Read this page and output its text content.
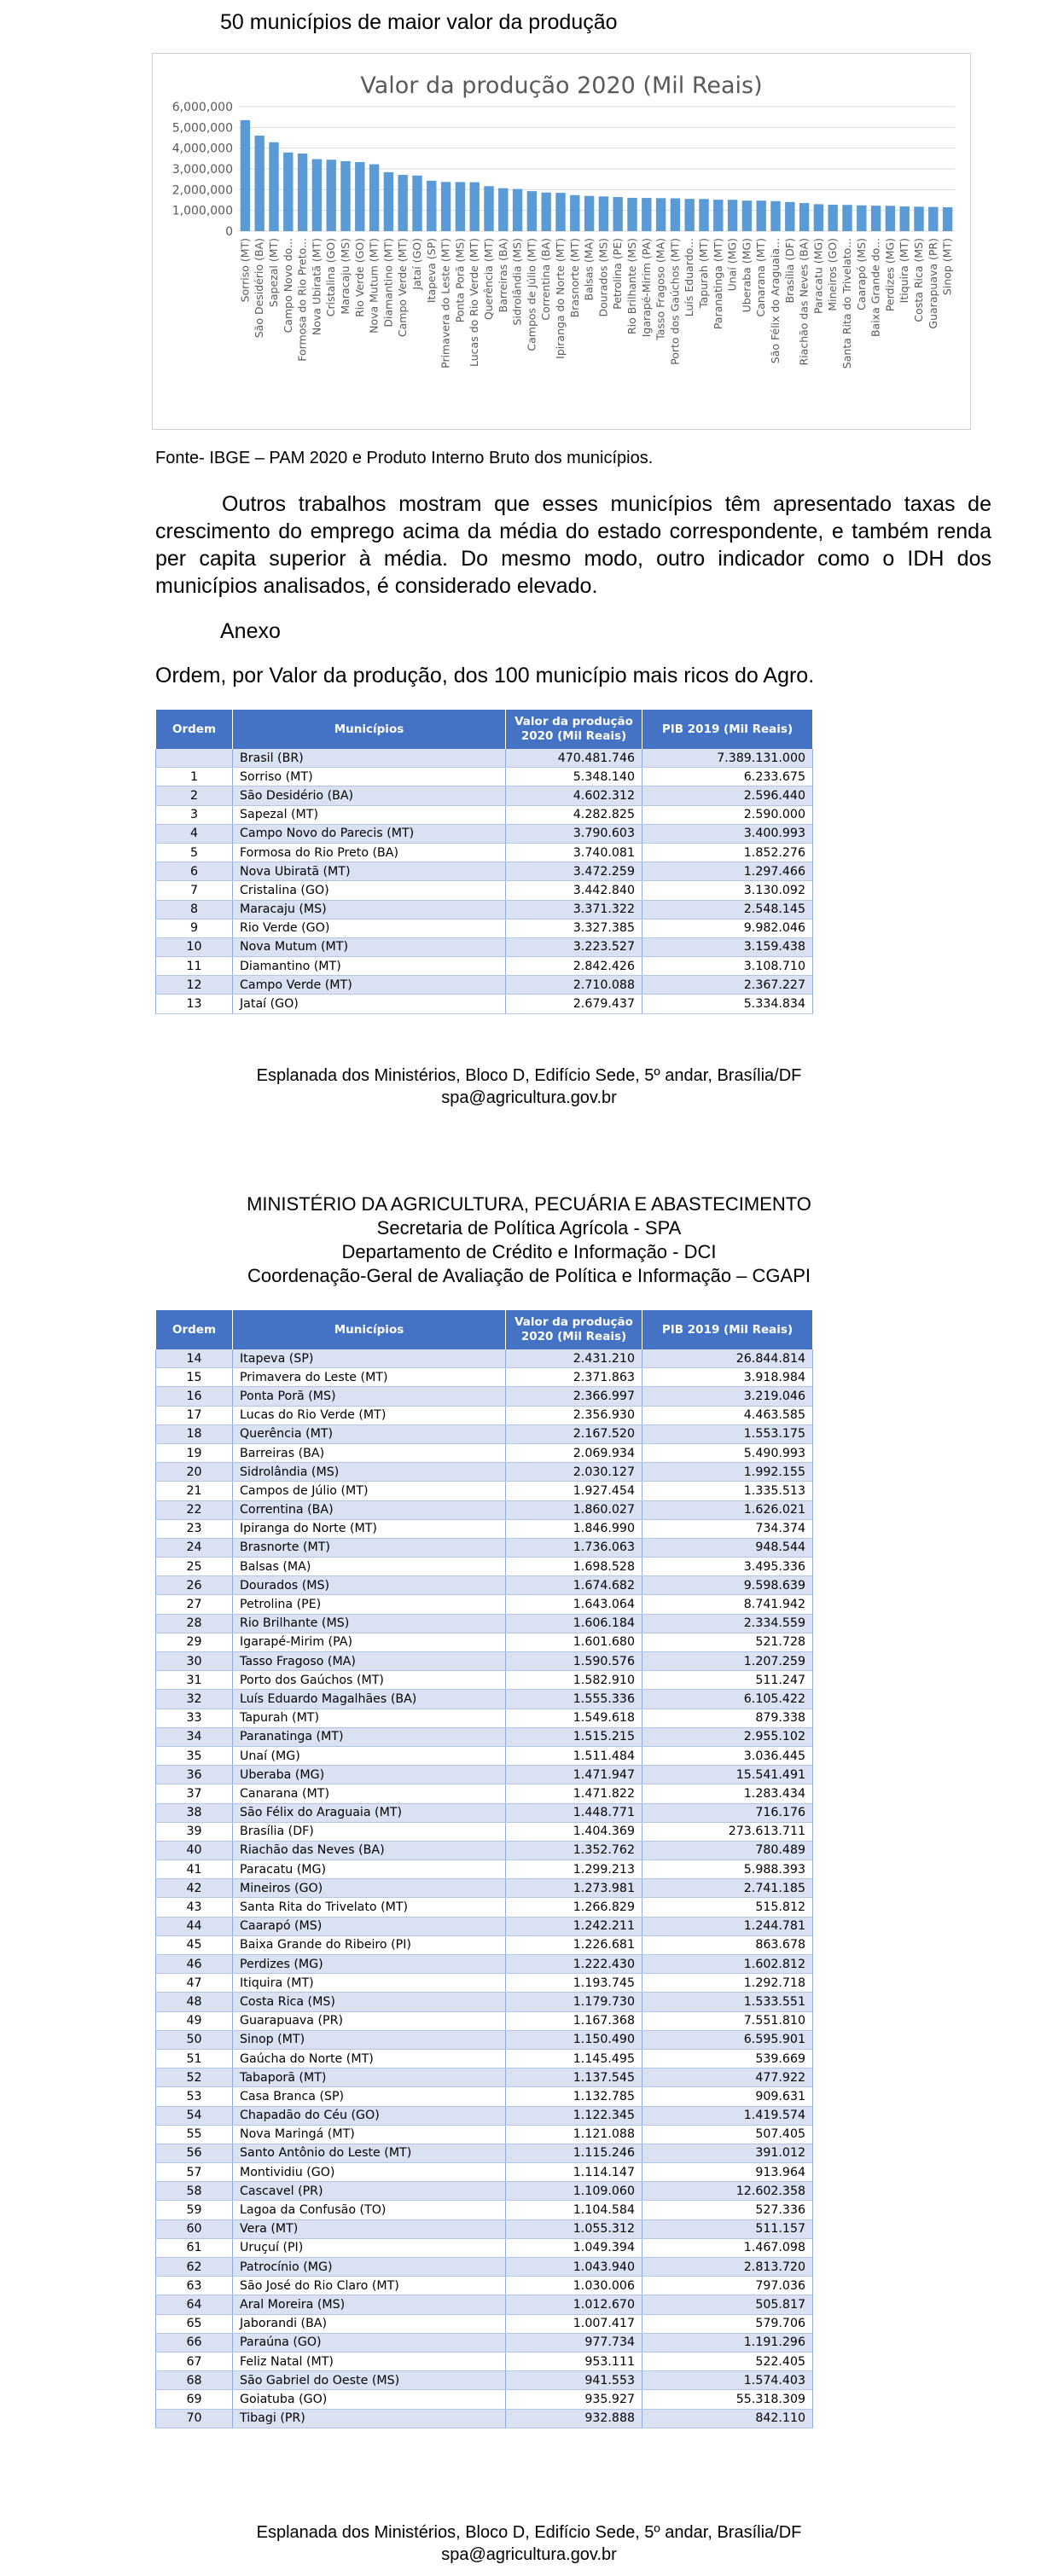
50 municípios de maior valor da produção
Valor da produção 2020 (Mil Reais)
0
1,000,000
2,000,000
3,000,000
4,000,000
5,000,000
6,000,000
Sorriso (MT) São Desidério (BA) Sapezal (MT) Campo Novo do... Formosa do Rio Preto... Nova Ubiratã (MT) Cristalina (GO) Maracaju (MS) Rio Verde (GO) Nova Mutum (MT) Diamantino (MT) Campo Verde (MT) Jataí (GO) Itapeva (SP) Primavera do Leste (MT) Ponta Porã (MS) Lucas do Rio Verde (MT) Querência (MT) Barreiras (BA) Sidrolândia (MS) Campos de Júlio (MT) Correntina (BA) Ipiranga do Norte (MT) Brasnorte (MT) Balsas (MA) Dourados (MS) Petrolina (PE) Rio Brilhante (MS) Igarapé-Mirim (PA) Tasso Fragoso (MA) Porto dos Gaúchos (MT) Luís Eduardo... Tapurah (MT) Paranatinga (MT) Unaí (MG) Uberaba (MG) Canarana (MT) São Félix do Araguaia... Brasília (DF) Riachão das Neves (BA) Paracatu (MG) Mineiros (GO) Santa Rita do Trivelato... Caarapó (MS) Baixa Grande do... Perdizes (MG) Itiquira (MT) Costa Rica (MS) Guarapuava (PR) Sinop (MT)
Fonte- IBGE – PAM 2020 e Produto Interno Bruto dos municípios.
Outros trabalhos mostram que esses municípios têm apresentado taxas de crescimento do emprego acima da média do estado correspondente, e também renda per capita superior à média. Do mesmo modo, outro indicador como o IDH dos municípios analisados, é considerado elevado.
Anexo
Ordem, por Valor da produção, dos 100 município mais ricos do Agro.
Ordem	Municípios	Valor da produção
2020 (Mil Reais)	PIB 2019 (Mil Reais)
	Brasil (BR)	470.481.746	7.389.131.000
1	Sorriso (MT)	5.348.140	6.233.675
2	São Desidério (BA)	4.602.312	2.596.440
3	Sapezal (MT)	4.282.825	2.590.000
4	Campo Novo do Parecis (MT)	3.790.603	3.400.993
5	Formosa do Rio Preto (BA)	3.740.081	1.852.276
6	Nova Ubiratã (MT)	3.472.259	1.297.466
7	Cristalina (GO)	3.442.840	3.130.092
8	Maracaju (MS)	3.371.322	2.548.145
9	Rio Verde (GO)	3.327.385	9.982.046
10	Nova Mutum (MT)	3.223.527	3.159.438
11	Diamantino (MT)	2.842.426	3.108.710
12	Campo Verde (MT)	2.710.088	2.367.227
13	Jataí (GO)	2.679.437	5.334.834
Esplanada dos Ministérios, Bloco D, Edifício Sede, 5º andar, Brasília/DF
spa@agricultura.gov.br
MINISTÉRIO DA AGRICULTURA, PECUÁRIA E ABASTECIMENTO
Secretaria de Política Agrícola - SPA
Departamento de Crédito e Informação - DCI
Coordenação-Geral de Avaliação de Política e Informação – CGAPI
Ordem	Municípios	Valor da produção
2020 (Mil Reais)	PIB 2019 (Mil Reais)
14	Itapeva (SP)	2.431.210	26.844.814
15	Primavera do Leste (MT)	2.371.863	3.918.984
16	Ponta Porã (MS)	2.366.997	3.219.046
17	Lucas do Rio Verde (MT)	2.356.930	4.463.585
18	Querência (MT)	2.167.520	1.553.175
19	Barreiras (BA)	2.069.934	5.490.993
20	Sidrolândia (MS)	2.030.127	1.992.155
21	Campos de Júlio (MT)	1.927.454	1.335.513
22	Correntina (BA)	1.860.027	1.626.021
23	Ipiranga do Norte (MT)	1.846.990	734.374
24	Brasnorte (MT)	1.736.063	948.544
25	Balsas (MA)	1.698.528	3.495.336
26	Dourados (MS)	1.674.682	9.598.639
27	Petrolina (PE)	1.643.064	8.741.942
28	Rio Brilhante (MS)	1.606.184	2.334.559
29	Igarapé-Mirim (PA)	1.601.680	521.728
30	Tasso Fragoso (MA)	1.590.576	1.207.259
31	Porto dos Gaúchos (MT)	1.582.910	511.247
32	Luís Eduardo Magalhães (BA)	1.555.336	6.105.422
33	Tapurah (MT)	1.549.618	879.338
34	Paranatinga (MT)	1.515.215	2.955.102
35	Unaí (MG)	1.511.484	3.036.445
36	Uberaba (MG)	1.471.947	15.541.491
37	Canarana (MT)	1.471.822	1.283.434
38	São Félix do Araguaia (MT)	1.448.771	716.176
39	Brasília (DF)	1.404.369	273.613.711
40	Riachão das Neves (BA)	1.352.762	780.489
41	Paracatu (MG)	1.299.213	5.988.393
42	Mineiros (GO)	1.273.981	2.741.185
43	Santa Rita do Trivelato (MT)	1.266.829	515.812
44	Caarapó (MS)	1.242.211	1.244.781
45	Baixa Grande do Ribeiro (PI)	1.226.681	863.678
46	Perdizes (MG)	1.222.430	1.602.812
47	Itiquira (MT)	1.193.745	1.292.718
48	Costa Rica (MS)	1.179.730	1.533.551
49	Guarapuava (PR)	1.167.368	7.551.810
50	Sinop (MT)	1.150.490	6.595.901
51	Gaúcha do Norte (MT)	1.145.495	539.669
52	Tabaporã (MT)	1.137.545	477.922
53	Casa Branca (SP)	1.132.785	909.631
54	Chapadão do Céu (GO)	1.122.345	1.419.574
55	Nova Maringá (MT)	1.121.088	507.405
56	Santo Antônio do Leste (MT)	1.115.246	391.012
57	Montividiu (GO)	1.114.147	913.964
58	Cascavel (PR)	1.109.060	12.602.358
59	Lagoa da Confusão (TO)	1.104.584	527.336
60	Vera (MT)	1.055.312	511.157
61	Uruçuí (PI)	1.049.394	1.467.098
62	Patrocínio (MG)	1.043.940	2.813.720
63	São José do Rio Claro (MT)	1.030.006	797.036
64	Aral Moreira (MS)	1.012.670	505.817
65	Jaborandi (BA)	1.007.417	579.706
66	Paraúna (GO)	977.734	1.191.296
67	Feliz Natal (MT)	953.111	522.405
68	São Gabriel do Oeste (MS)	941.553	1.574.403
69	Goiatuba (GO)	935.927	55.318.309
70	Tibagi (PR)	932.888	842.110
Esplanada dos Ministérios, Bloco D, Edifício Sede, 5º andar, Brasília/DF
spa@agricultura.gov.br
